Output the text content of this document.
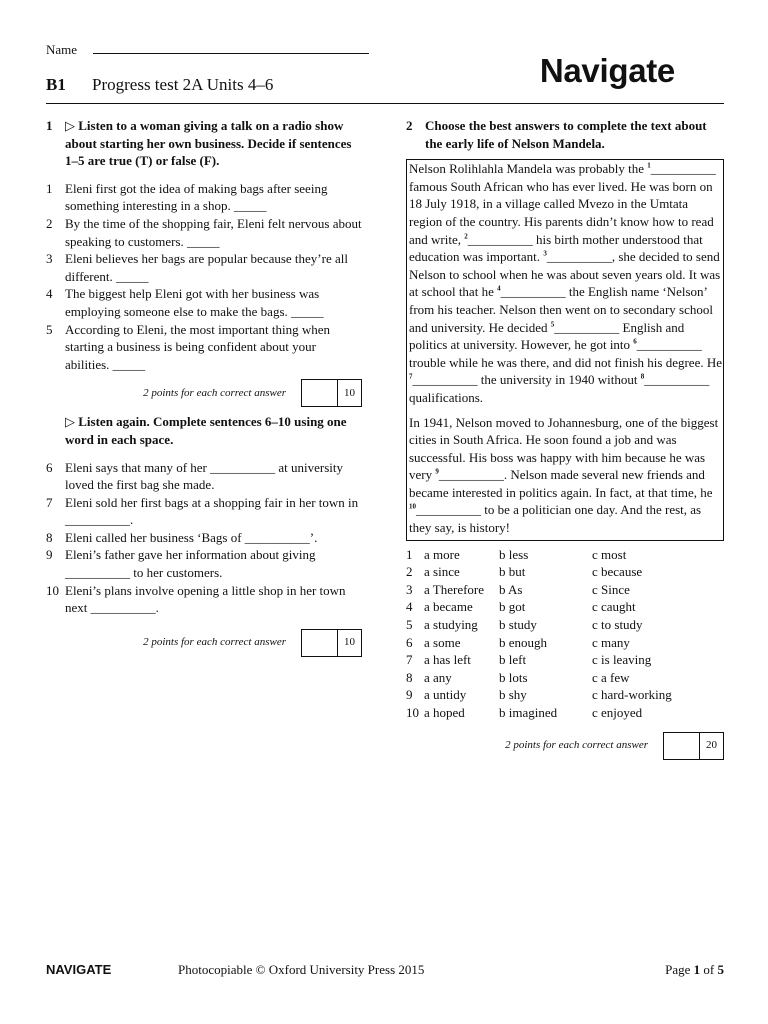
Name
B1 Progress test 2A Units 4–6	Navigate
1 ▷ Listen to a woman giving a talk on a radio show about starting her own business. Decide if sentences 1–5 are true (T) or false (F).
1 Eleni first got the idea of making bags after seeing something interesting in a shop. _____
2 By the time of the shopping fair, Eleni felt nervous about speaking to customers. _____
3 Eleni believes her bags are popular because they’re all different. _____
4 The biggest help Eleni got with her business was employing someone else to make the bags. _____
5 According to Eleni, the most important thing when starting a business is being confident about your abilities. _____
2 points for each correct answer	10
▷ Listen again. Complete sentences 6–10 using one word in each space.
6 Eleni says that many of her __________ at university loved the first bag she made.
7 Eleni sold her first bags at a shopping fair in her town in __________.
8 Eleni called her business ‘Bags of __________’.
9 Eleni’s father gave her information about giving __________ to her customers.
10 Eleni’s plans involve opening a little shop in her town next __________.
2 points for each correct answer	10
2 Choose the best answers to complete the text about the early life of Nelson Mandela.

Nelson Rolihlahla Mandela was probably the $^1$__________ famous South African who has ever lived. He was born on 18 July 1918, in a village called Mvezo in the Umtata region of the country. His parents didn’t know how to read and write, $^2$__________ his birth mother understood that education was important. $^3$__________, she decided to send Nelson to school when he was about seven years old. It was at school that he $^4$__________ the English name ‘Nelson’ from his teacher. Nelson then went on to secondary school and university. He decided $^5$__________ English and politics at university. However, he got into $^6$__________ trouble while he was there, and did not finish his degree. He $^7$__________ the university in 1940 without $^8$__________ qualifications.

In 1941, Nelson moved to Johannesburg, one of the biggest cities in South Africa. He soon found a job and was successful. His boss was happy with him because he was very $^9$__________. Nelson made several new friends and became interested in politics again. In fact, at that time, he $^{10}$__________ to be a politician one day. And the rest, as they say, is history!

1 a more	b less	c most
2 a since	b but	c because
3 a Therefore	b As	c Since
4 a became	b got	c caught
5 a studying	b study	c to study
6 a some	b enough	c many
7 a has left	b left	c is leaving
8 a any	b lots	c a few
9 a untidy	b shy	c hard-working
10 a hoped	b imagined	c enjoyed
2 points for each correct answer	20
NAVIGATE	Photocopiable © Oxford University Press 2015	Page 1 of 5
